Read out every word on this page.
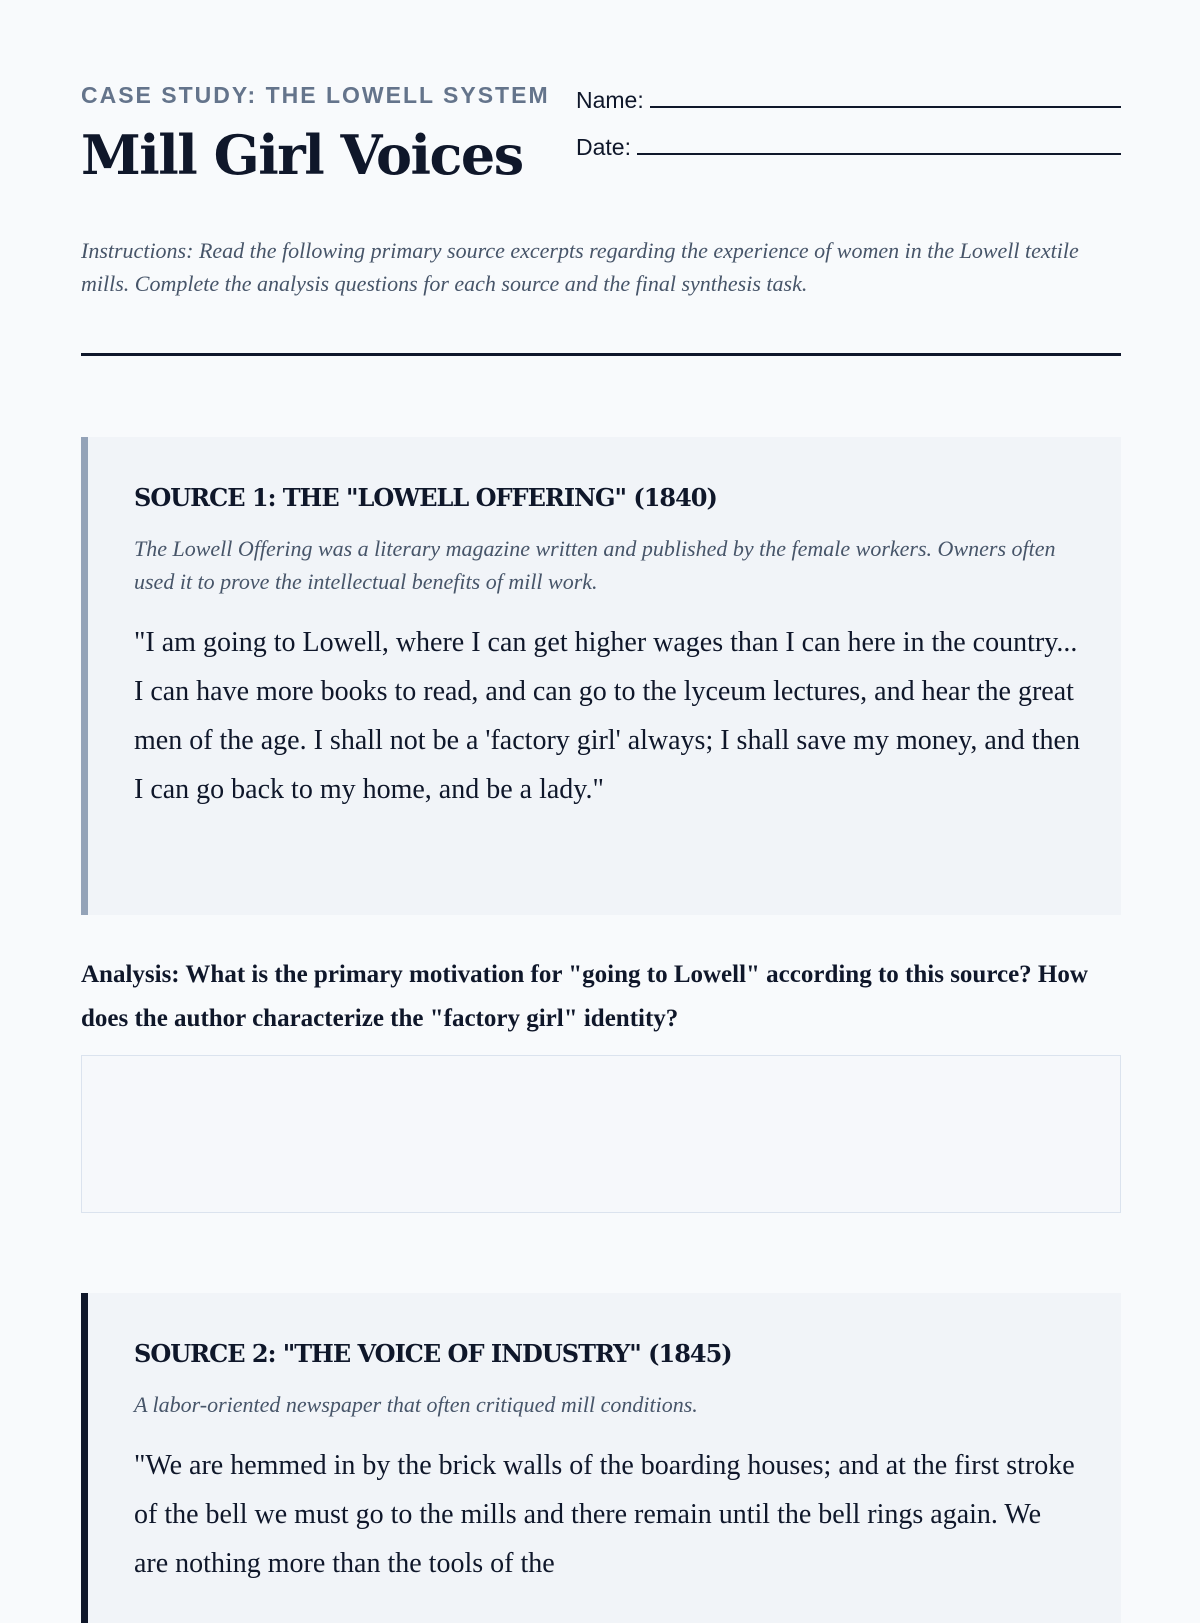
CASE STUDY: THE LOWELL SYSTEM
Mill Girl Voices
Name:
Date:

Instructions: Read the following primary source excerpts regarding the experience of women in the Lowell textile mills. Complete the analysis questions for each source and the final synthesis task.

SOURCE 1: THE "LOWELL OFFERING" (1840)

The Lowell Offering was a literary magazine written and published by the female workers. Owners often used it to prove the intellectual benefits of mill work.

"I am going to Lowell, where I can get higher wages than I can here in the country... I can have more books to read, and can go to the lyceum lectures, and hear the great men of the age. I shall not be a 'factory girl' always; I shall save my money, and then I can go back to my home, and be a lady."

Analysis: What is the primary motivation for "going to Lowell" according to this source? How does the author characterize the "factory girl" identity?

SOURCE 2: "THE VOICE OF INDUSTRY" (1845)

A labor-oriented newspaper that often critiqued mill conditions.

"We are hemmed in by the brick walls of the boarding houses; and at the first stroke of the bell we must go to the mills and there remain until the bell rings again. We are nothing more than the tools of the
